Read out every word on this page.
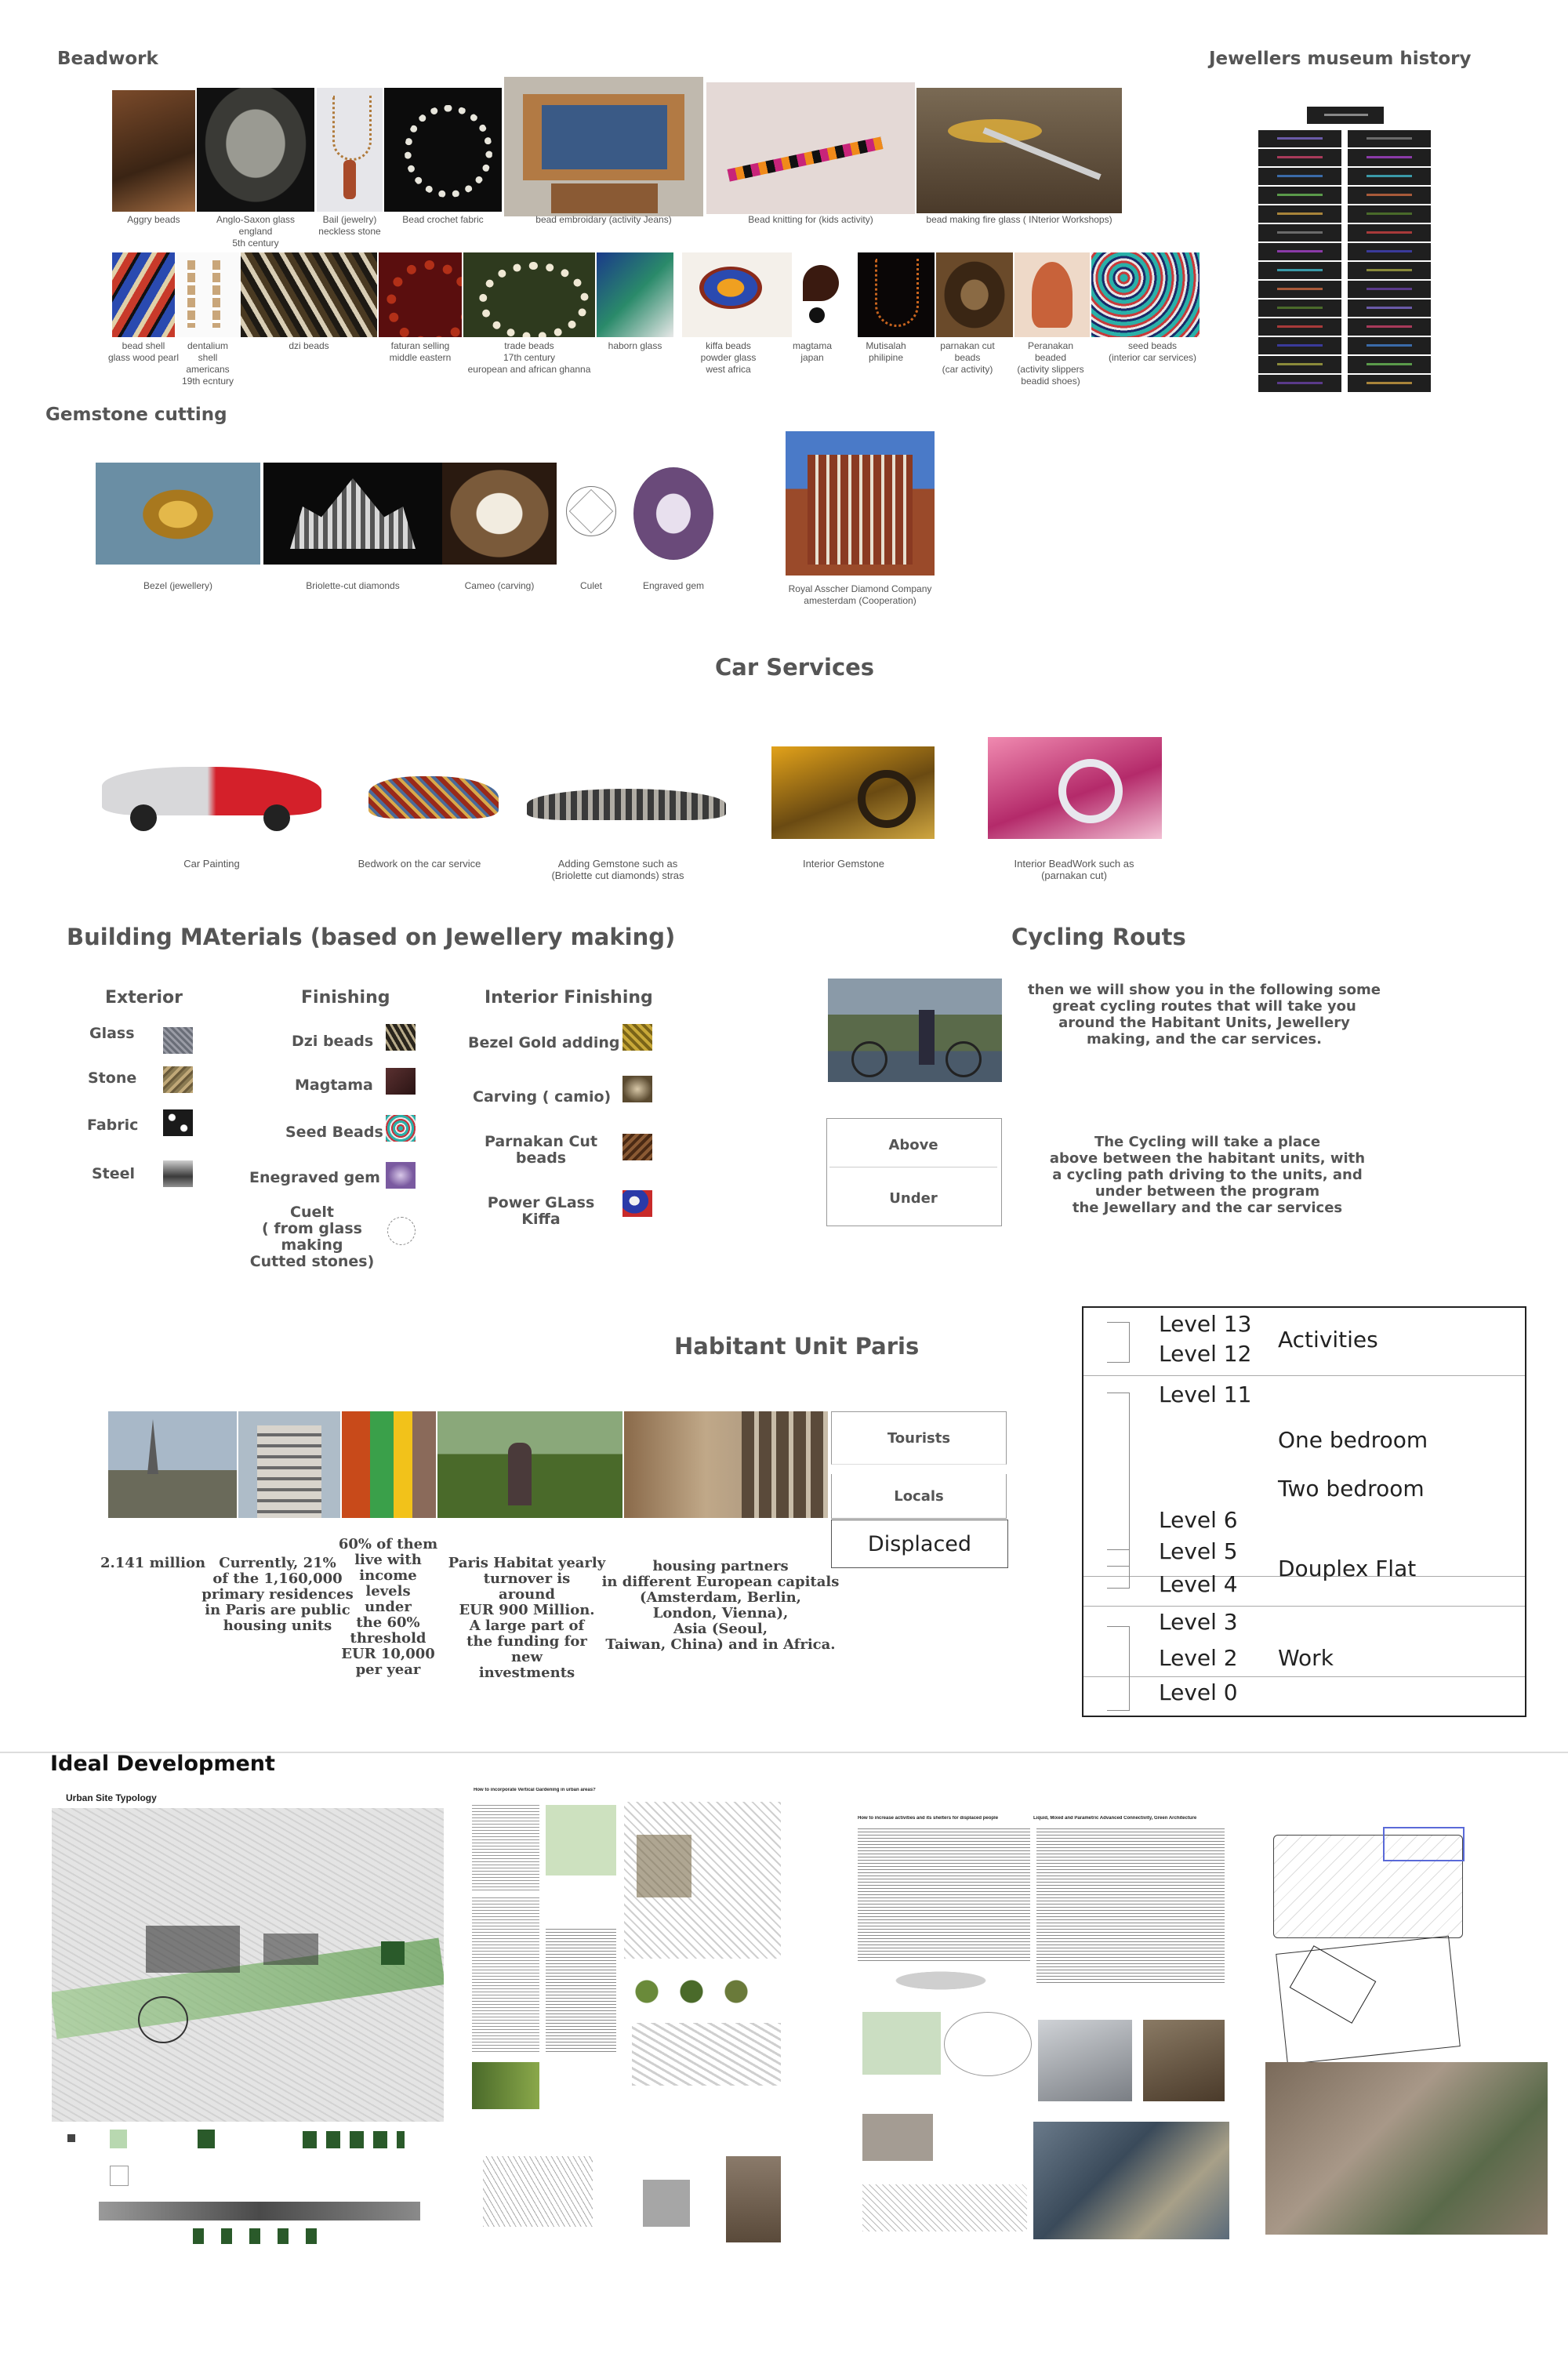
Beadwork
Aggry beads	Anglo-Saxon glass
england
5th century
Bail (jewelry)
neckless stone
Bead crochet fabric	bead embroidary (activity Jeans)	Bead knitting for (kids activity)	bead making fire glass ( INterior Workshops)
bead shell
glass wood pearl
dentalium
shell
americans
19th ecntury
dzi beads	faturan selling
middle eastern
trade beads
17th century
european and african ghanna
haborn glass	kiffa beads
powder glass
west africa
magtama
japan
Mutisalah
philipine
parnakan cut
beads
(car activity)
Peranakan
beaded
(activity slippers
beadid shoes)
seed beads
(interior car services)
Jewellers museum history
Gemstone cutting
Bezel (jewellery)	Briolette-cut diamonds	Cameo (carving)	Culet	Engraved gem	Royal Asscher Diamond Company
amesterdam (Cooperation)
Car Services
Car Painting	Bedwork on the car service	Adding Gemstone such as
(Briolette cut diamonds) stras
Interior Gemstone	Interior BeadWork such as
(parnakan cut)
Building MAterials (based on Jewellery making)
Exterior
Glass
Stone
Fabric
Steel
Finishing
Dzi beads
Magtama
Seed Beads
Enegraved gem
Cuelt
( from glass
making
Cutted stones)
Interior Finishing
Bezel Gold adding
Carving ( camio)
Parnakan Cut
beads
Power GLass
Kiffa
Cycling Routs
then we will show you in the following some
great cycling routes that will take you
around the Habitant Units, Jewellery
making, and the car services.
Above
Under
The Cycling will take a place
above between the habitant units, with
a cycling path driving to the units, and
under between the program
the Jewellary and the car services
Habitant Unit Paris
Tourists
Locals
Displaced
2.141 million Currently, 21%
of the 1,160,000
primary residences
in Paris are public
housing units
60% of them
live with
income
levels
under
the 60%
threshold
EUR 10,000
per year
Paris Habitat yearly
turnover is
around
EUR 900 Million.
A large part of
the funding for
new
investments
housing partners
in different European capitals
(Amsterdam, Berlin,
London, Vienna),
Asia (Seoul,
Taiwan, China) and in Africa.
Level 13
Activities
Level 12
Level 11
One bedroom
Two bedroom
Level 6
Level 5
Douplex Flat
Level 4
Level 3
Level 2 Work
Level 0
Ideal Development
Urban Site Typology
How to incorporate Vertical Gardening in urban areas?
How to increase activities and its shelters for displaced people	Liquid, Mixed and Parametric Advanced Connectivity, Green Architecture
